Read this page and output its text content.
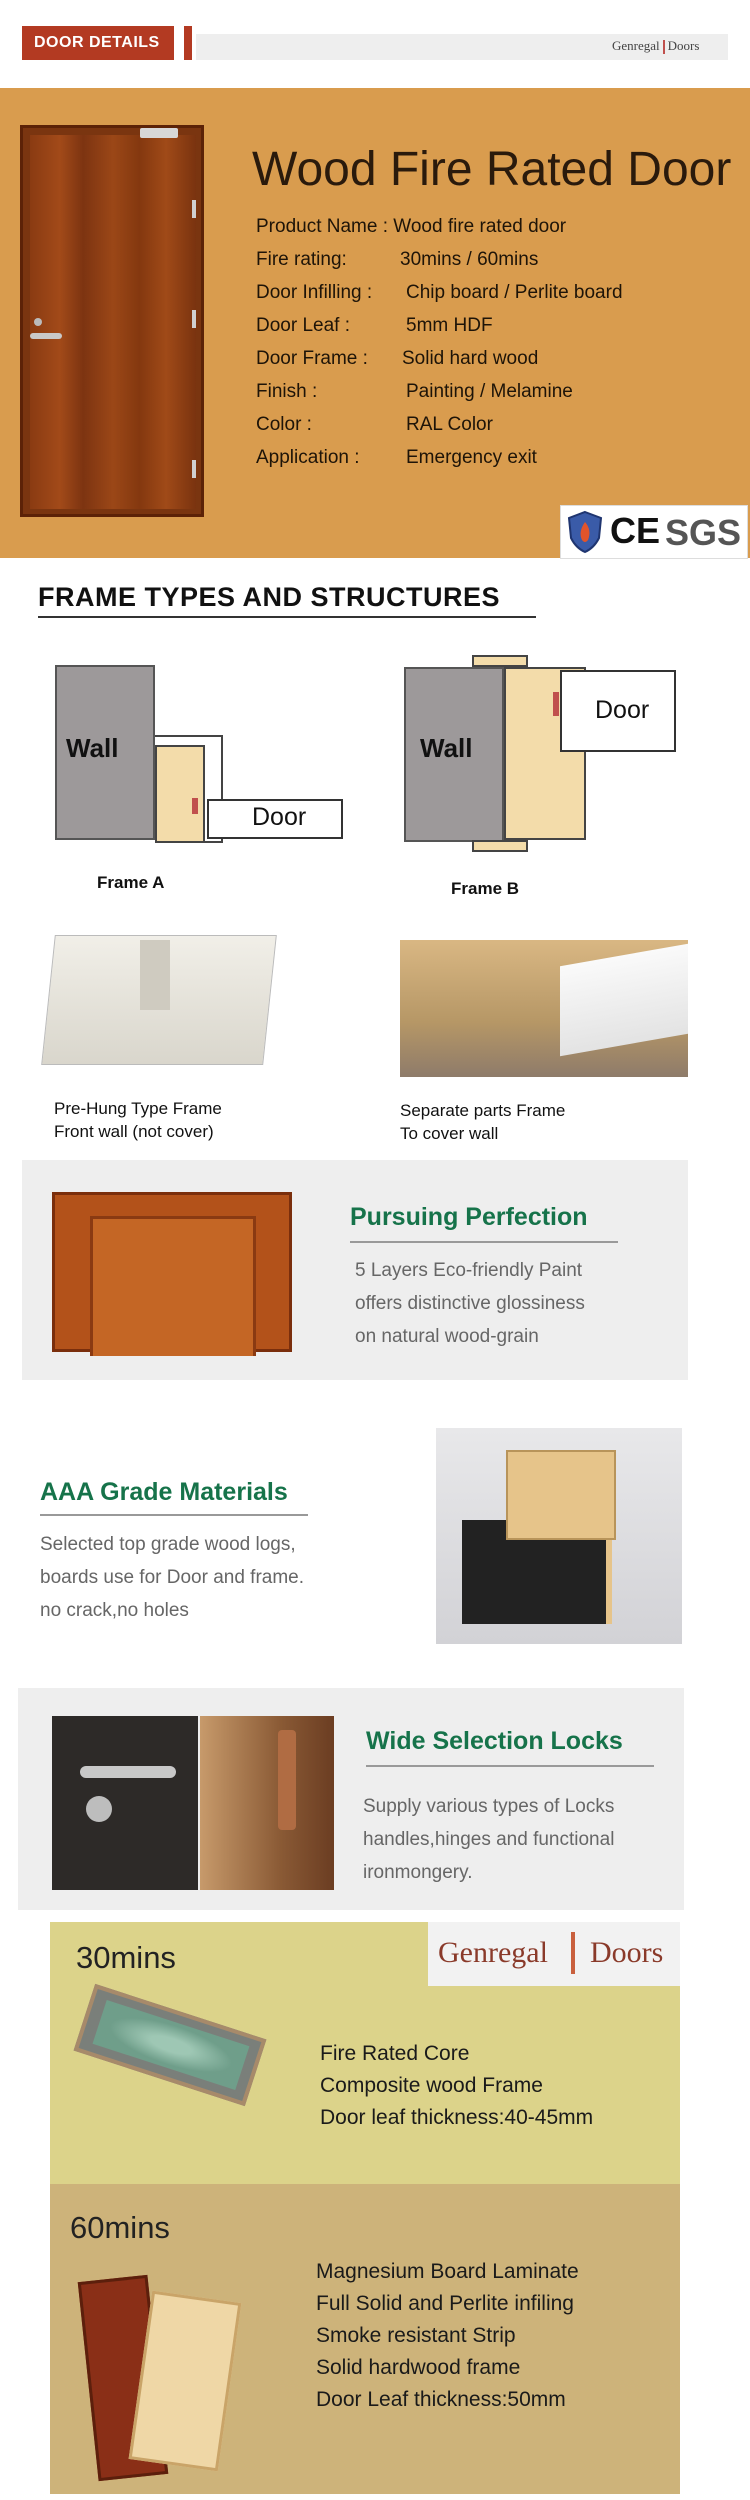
DOOR DETAILS	Genregal Doors
Wood Fire Rated Door
Product Name : Wood fire rated door
Fire rating:	30mins / 60mins
Door Infilling : Chip board / Perlite board
Door Leaf :	5mm HDF
Door Frame : Solid hard wood
Finish :	Painting / Melamine
Color :	RAL Color
Application : Emergency exit
CE SGS
FRAME TYPES AND STRUCTURES
Wall
Door
Frame A
Wall
Door
Frame B
Pre-Hung Type Frame
Front wall (not cover)
Separate parts Frame
To cover wall
Pursuing Perfection
5 Layers Eco-friendly Paint
offers distinctive glossiness
on natural wood-grain
AAA Grade Materials
Selected top grade wood logs,
boards use for Door and frame.
no crack,no holes
Wide Selection Locks
Supply various types of Locks
handles,hinges and functional
ironmongery.
Genregal Doors
30mins
Fire Rated Core
Composite wood Frame
Door leaf thickness:40-45mm
60mins
Magnesium Board Laminate
Full Solid and Perlite infiling
Smoke resistant Strip
Solid hardwood frame
Door Leaf thickness:50mm
